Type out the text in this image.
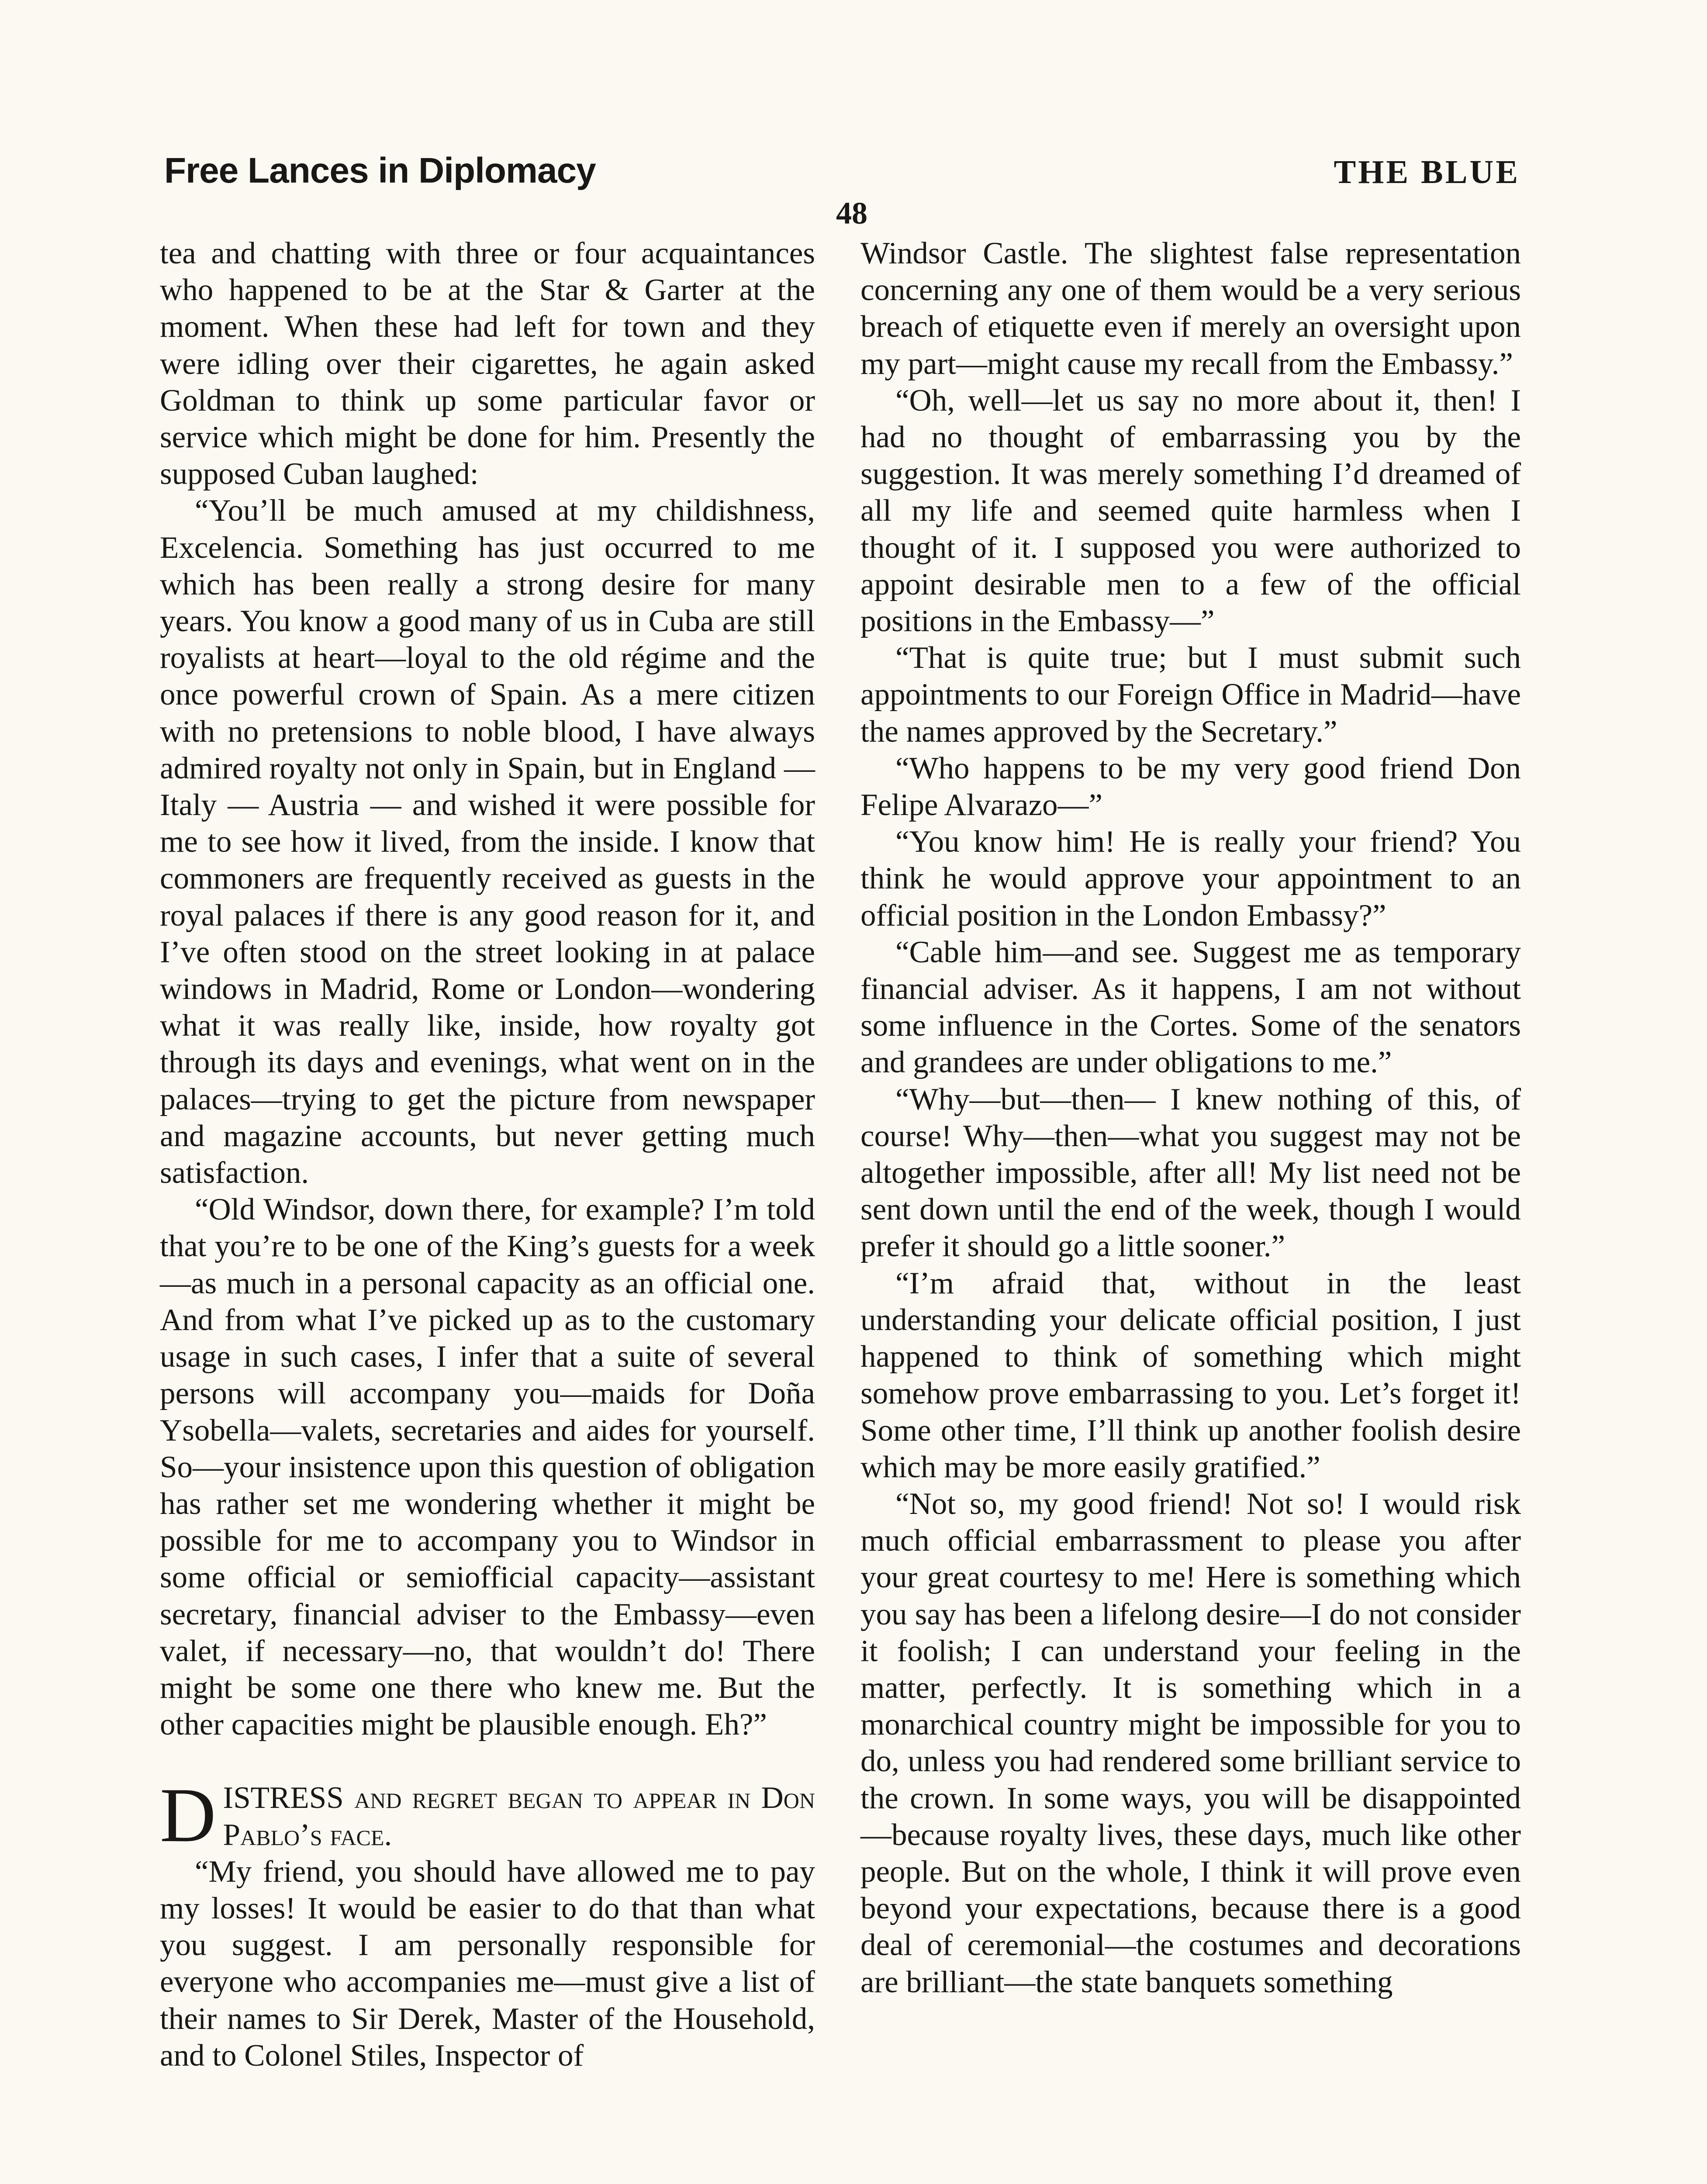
Free Lances in Diplomacy	THE BLUE
48

tea and chatting with three or four acquaintances who happened to be at the Star & Garter at the moment. When these had left for town and they were idling over their cigarettes, he again asked Goldman to think up some particular favor or service which might be done for him. Presently the supposed Cuban laughed:

“You’ll be much amused at my childishness, Excelencia. Something has just occurred to me which has been really a strong desire for many years. You know a good many of us in Cuba are still royalists at heart—loyal to the old régime and the once powerful crown of Spain. As a mere citizen with no pretensions to noble blood, I have always admired royalty not only in Spain, but in England — Italy — Austria — and wished it were possible for me to see how it lived, from the inside. I know that commoners are frequently received as guests in the royal palaces if there is any good reason for it, and I’ve often stood on the street looking in at palace windows in Madrid, Rome or London—wondering what it was really like, inside, how royalty got through its days and evenings, what went on in the palaces—trying to get the picture from newspaper and magazine accounts, but never getting much satisfaction.

“Old Windsor, down there, for example? I’m told that you’re to be one of the King’s guests for a week—as much in a personal capacity as an official one. And from what I’ve picked up as to the customary usage in such cases, I infer that a suite of several persons will accompany you—maids for Doña Ysobella—valets, secretaries and aides for yourself. So—your insistence upon this question of obligation has rather set me wondering whether it might be possible for me to accompany you to Windsor in some official or semiofficial capacity—assistant secretary, financial adviser to the Embassy—even valet, if necessary—no, that wouldn’t do! There might be some one there who knew me. But the other capacities might be plausible enough. Eh?”

DISTRESS and regret began to appear in Don Pablo’s face.

“My friend, you should have allowed me to pay my losses! It would be easier to do that than what you suggest. I am personally responsible for everyone who accompanies me—must give a list of their names to Sir Derek, Master of the Household, and to Colonel Stiles, Inspector of

Windsor Castle. The slightest false representation concerning any one of them would be a very serious breach of etiquette even if merely an oversight upon my part—might cause my recall from the Embassy.”

“Oh, well—let us say no more about it, then! I had no thought of embarrassing you by the suggestion. It was merely something I’d dreamed of all my life and seemed quite harmless when I thought of it. I supposed you were authorized to appoint desirable men to a few of the official positions in the Embassy—”

“That is quite true; but I must submit such appointments to our Foreign Office in Madrid—have the names approved by the Secretary.”

“Who happens to be my very good friend Don Felipe Alvarazo—”

“You know him! He is really your friend? You think he would approve your appointment to an official position in the London Embassy?”

“Cable him—and see. Suggest me as temporary financial adviser. As it happens, I am not without some influence in the Cortes. Some of the senators and grandees are under obligations to me.”

“Why—but—then— I knew nothing of this, of course! Why—then—what you suggest may not be altogether impossible, after all! My list need not be sent down until the end of the week, though I would prefer it should go a little sooner.”

“I’m afraid that, without in the least understanding your delicate official position, I just happened to think of something which might somehow prove embarrassing to you. Let’s forget it! Some other time, I’ll think up another foolish desire which may be more easily gratified.”

“Not so, my good friend! Not so! I would risk much official embarrassment to please you after your great courtesy to me! Here is something which you say has been a lifelong desire—I do not consider it foolish; I can understand your feeling in the matter, perfectly. It is something which in a monarchical country might be impossible for you to do, unless you had rendered some brilliant service to the crown. In some ways, you will be disappointed—because royalty lives, these days, much like other people. But on the whole, I think it will prove even beyond your expectations, because there is a good deal of ceremonial—the costumes and decorations are brilliant—the state banquets something
